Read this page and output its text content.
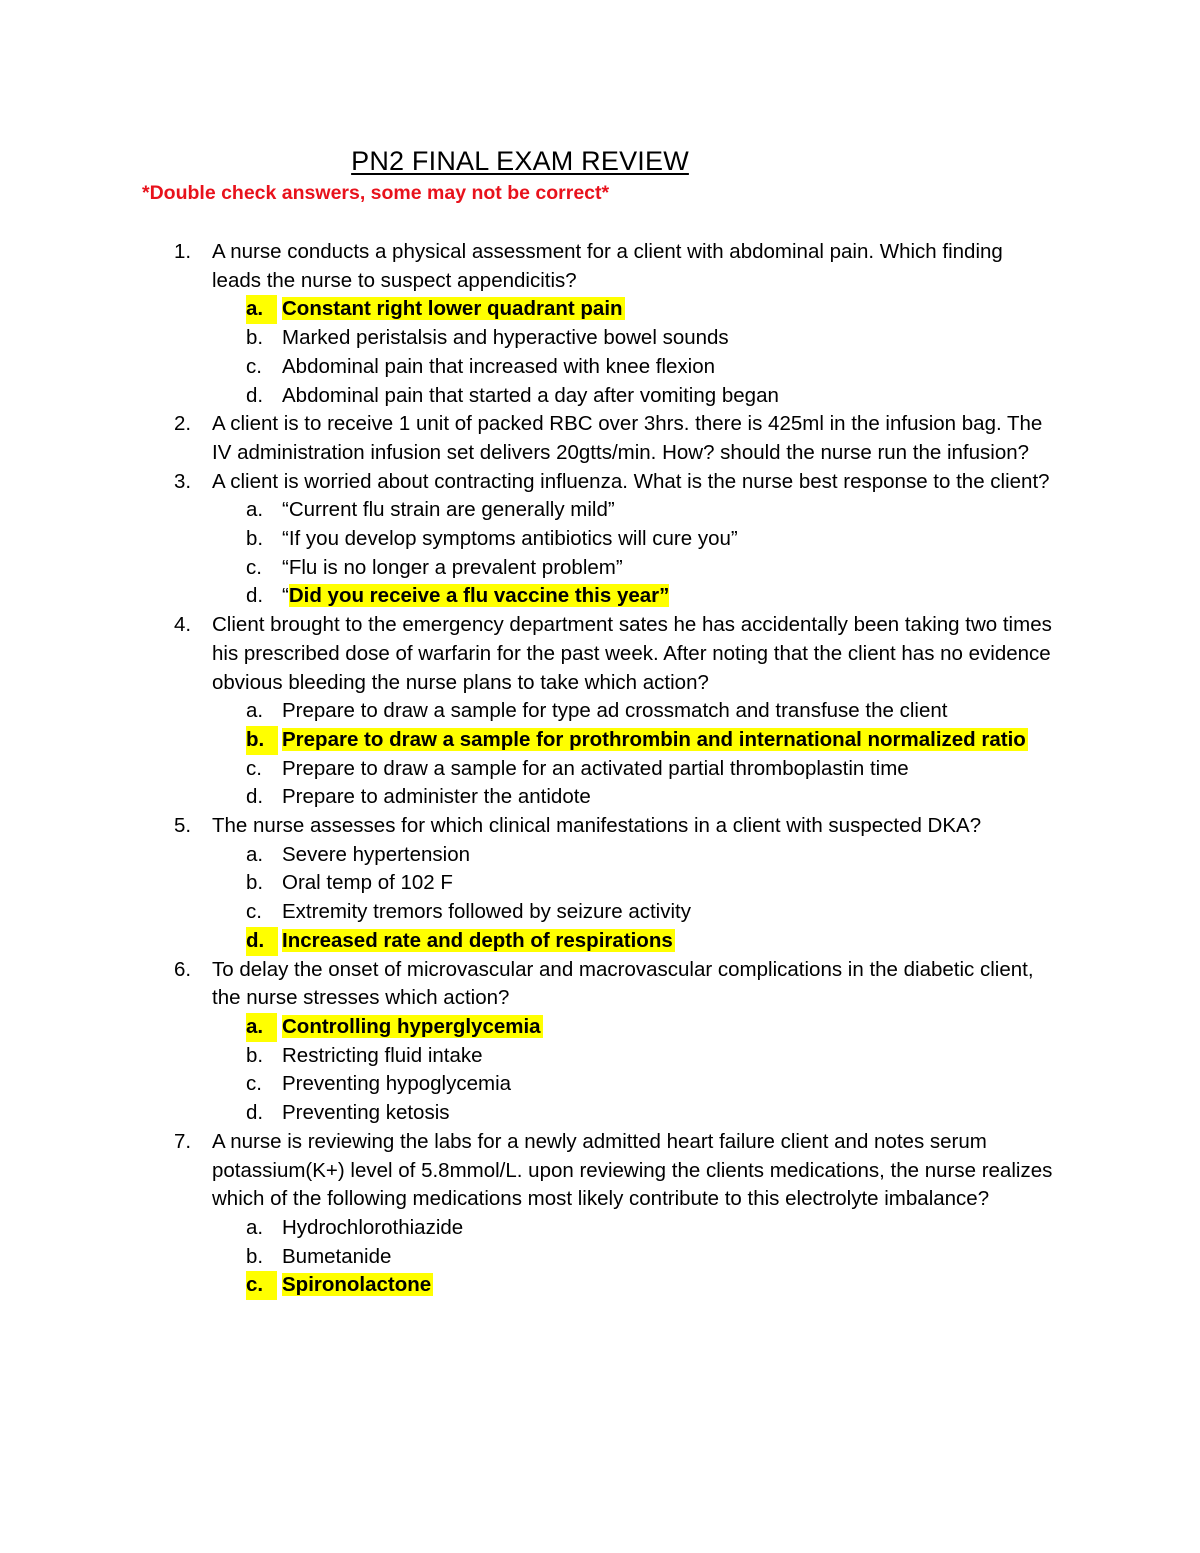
PN2 FINAL EXAM REVIEW
*Double check answers, some may not be correct*
1. A nurse conducts a physical assessment for a client with abdominal pain. Which finding leads the nurse to suspect appendicitis?
a. Constant right lower quadrant pain
b. Marked peristalsis and hyperactive bowel sounds
c. Abdominal pain that increased with knee flexion
d. Abdominal pain that started a day after vomiting began
2. A client is to receive 1 unit of packed RBC over 3hrs. there is 425ml in the infusion bag. The IV administration infusion set delivers 20gtts/min. How? should the nurse run the infusion?
3. A client is worried about contracting influenza. What is the nurse best response to the client?
a. “Current flu strain are generally mild”
b. “If you develop symptoms antibiotics will cure you”
c. “Flu is no longer a prevalent problem”
d. “Did you receive a flu vaccine this year”
4. Client brought to the emergency department sates he has accidentally been taking two times his prescribed dose of warfarin for the past week. After noting that the client has no evidence obvious bleeding the nurse plans to take which action?
a. Prepare to draw a sample for type ad crossmatch and transfuse the client
b. Prepare to draw a sample for prothrombin and international normalized ratio
c. Prepare to draw a sample for an activated partial thromboplastin time
d. Prepare to administer the antidote
5. The nurse assesses for which clinical manifestations in a client with suspected DKA?
a. Severe hypertension
b. Oral temp of 102 F
c. Extremity tremors followed by seizure activity
d. Increased rate and depth of respirations
6. To delay the onset of microvascular and macrovascular complications in the diabetic client, the nurse stresses which action?
a. Controlling hyperglycemia
b. Restricting fluid intake
c. Preventing hypoglycemia
d. Preventing ketosis
7. A nurse is reviewing the labs for a newly admitted heart failure client and notes serum potassium(K+) level of 5.8mmol/L. upon reviewing the clients medications, the nurse realizes which of the following medications most likely contribute to this electrolyte imbalance?
a. Hydrochlorothiazide
b. Bumetanide
c. Spironolactone
